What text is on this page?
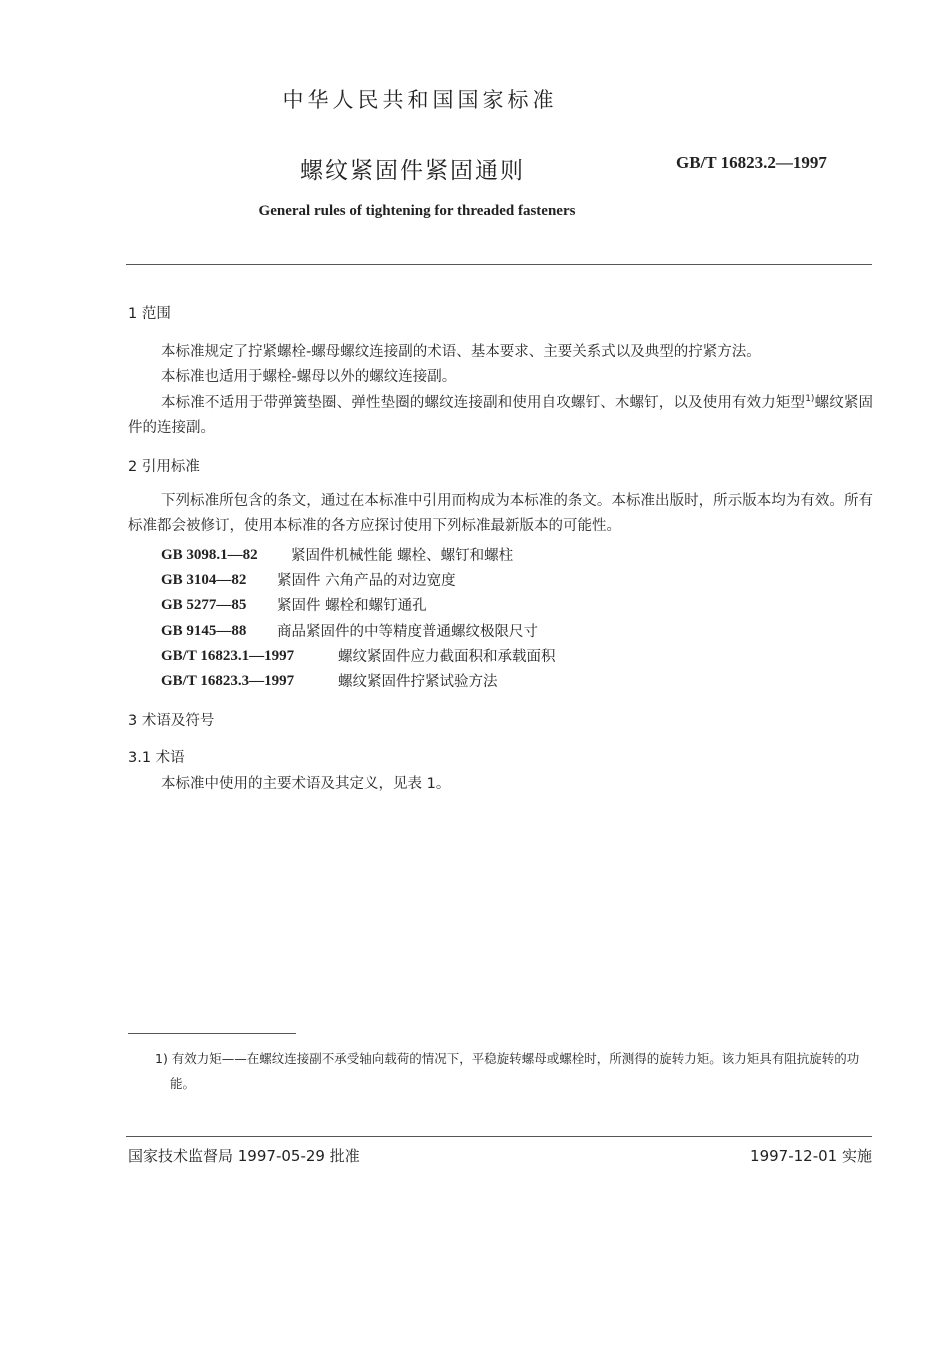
中华人民共和国国家标准
螺纹紧固件紧固通则	GB/T 16823.2—1997
General rules of tightening for threaded fasteners
1 范围
本标准规定了拧紧螺栓-螺母螺纹连接副的术语、基本要求、主要关系式以及典型的拧紧方法。
本标准也适用于螺栓-螺母以外的螺纹连接副。
本标准不适用于带弹簧垫圈、弹性垫圈的螺纹连接副和使用自攻螺钉、木螺钉，以及使用有效力矩型$^{1)}$螺纹紧固件的连接副。
2 引用标准
下列标准所包含的条文，通过在本标准中引用而构成为本标准的条文。本标准出版时，所示版本均为有效。所有标准都会被修订，使用本标准的各方应探讨使用下列标准最新版本的可能性。
GB 3098.1—82 紧固件机械性能 螺栓、螺钉和螺柱
GB 3104—82 紧固件 六角产品的对边宽度
GB 5277—85 紧固件 螺栓和螺钉通孔
GB 9145—88 商品紧固件的中等精度普通螺纹极限尺寸
GB/T 16823.1—1997	螺纹紧固件应力截面积和承载面积
GB/T 16823.3—1997	螺纹紧固件拧紧试验方法
3 术语及符号
3.1 术语
本标准中使用的主要术语及其定义，见表 1。
1) 有效力矩——在螺纹连接副不承受轴向载荷的情况下，平稳旋转螺母或螺栓时，所测得的旋转力矩。该力矩具有阻抗旋转的功能。
国家技术监督局 1997-05-29 批准	1997-12-01 实施
